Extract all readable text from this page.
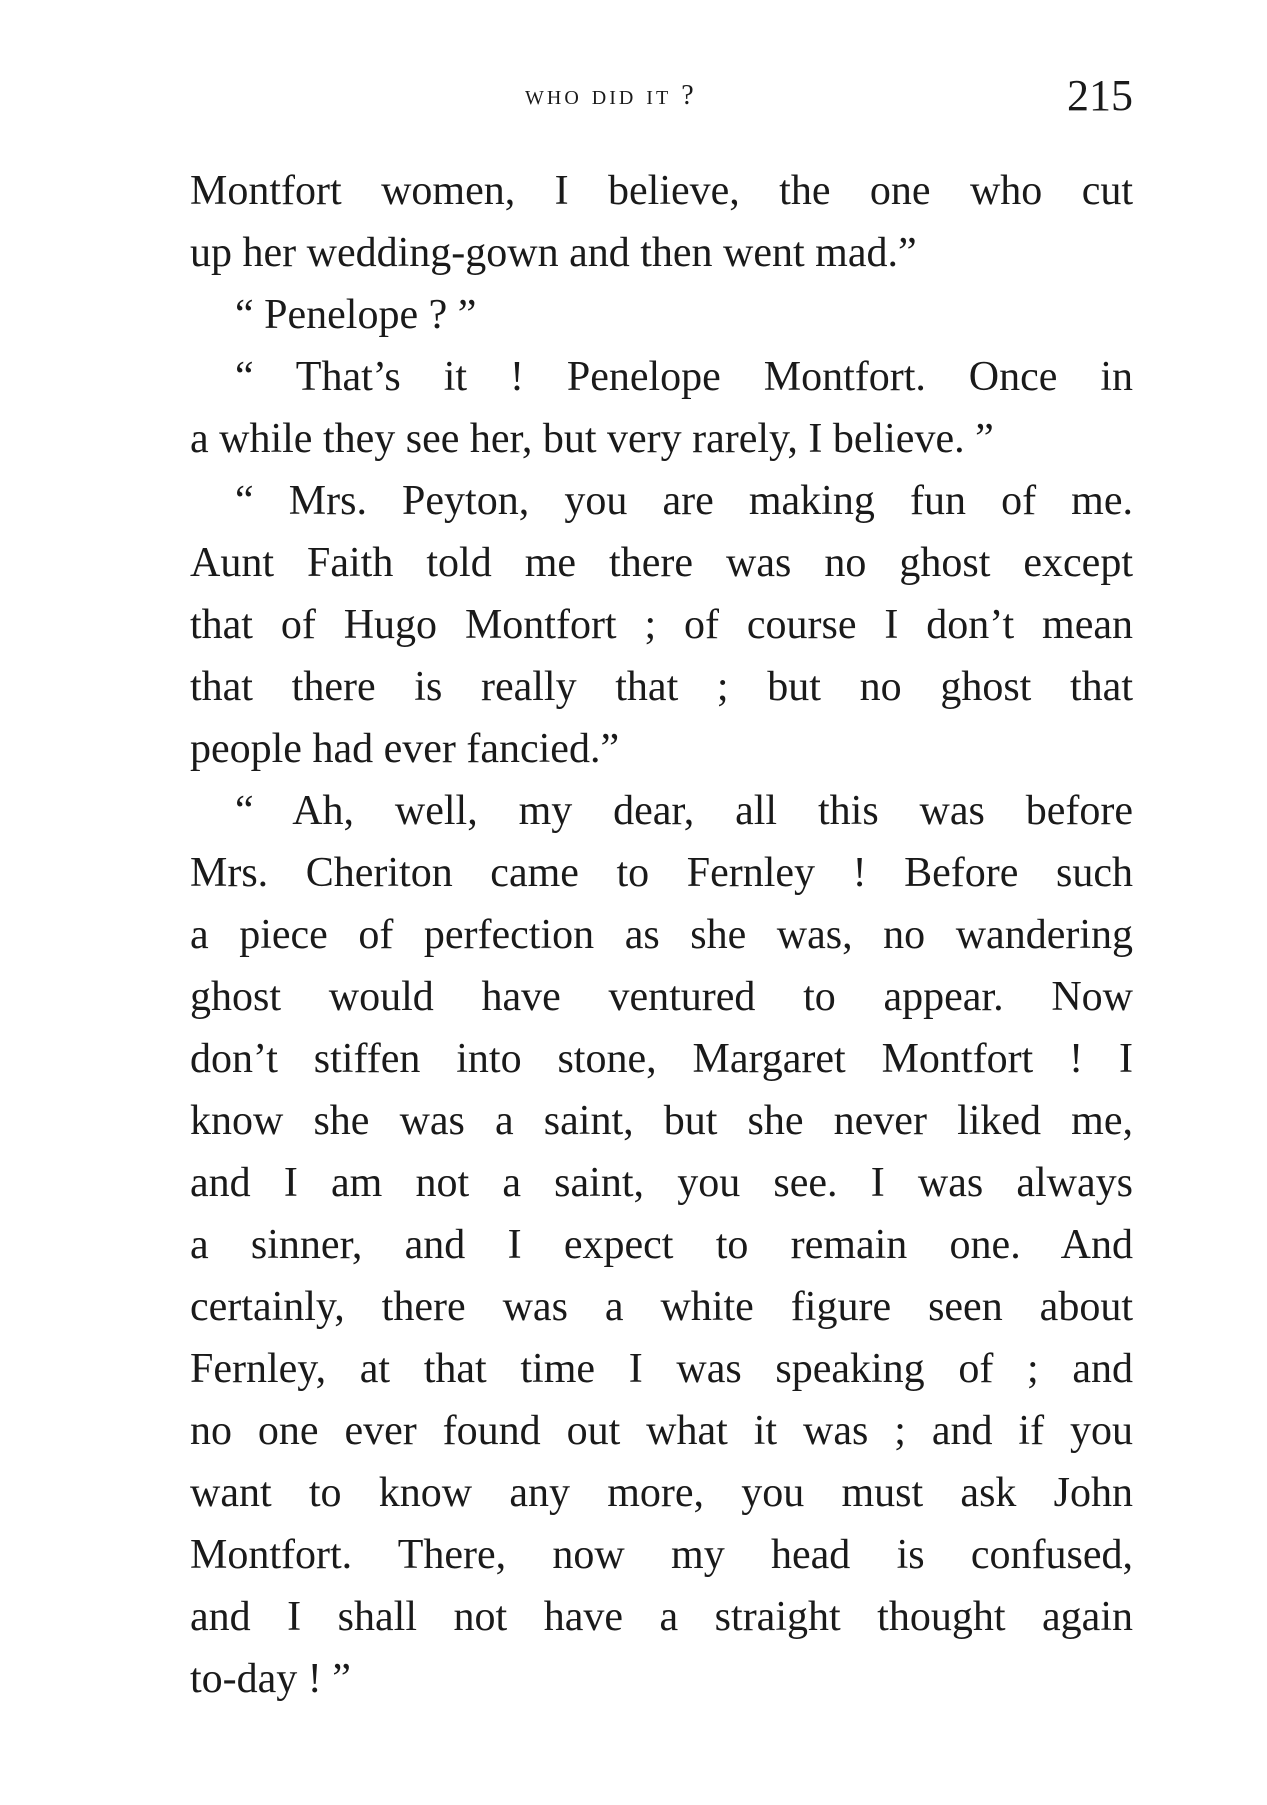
who did it ?	215
Montfort women, I believe, the one who cut
up her wedding-gown and then went mad.”
“ Penelope ? ”
“ That’s it ! Penelope Montfort. Once in
a while they see her, but very rarely, I believe. ”
“ Mrs. Peyton, you are making fun of me.
Aunt Faith told me there was no ghost except
that of Hugo Montfort ; of course I don’t mean
that there is really that ; but no ghost that
people had ever fancied.”
“ Ah, well, my dear, all this was before
Mrs. Cheriton came to Fernley ! Before such
a piece of perfection as she was, no wandering
ghost would have ventured to appear. Now
don’t stiffen into stone, Margaret Montfort ! I
know she was a saint, but she never liked me,
and I am not a saint, you see. I was always
a sinner, and I expect to remain one. And
certainly, there was a white figure seen about
Fernley, at that time I was speaking of ; and
no one ever found out what it was ; and if you
want to know any more, you must ask John
Montfort. There, now my head is confused,
and I shall not have a straight thought again
to-day ! ”
